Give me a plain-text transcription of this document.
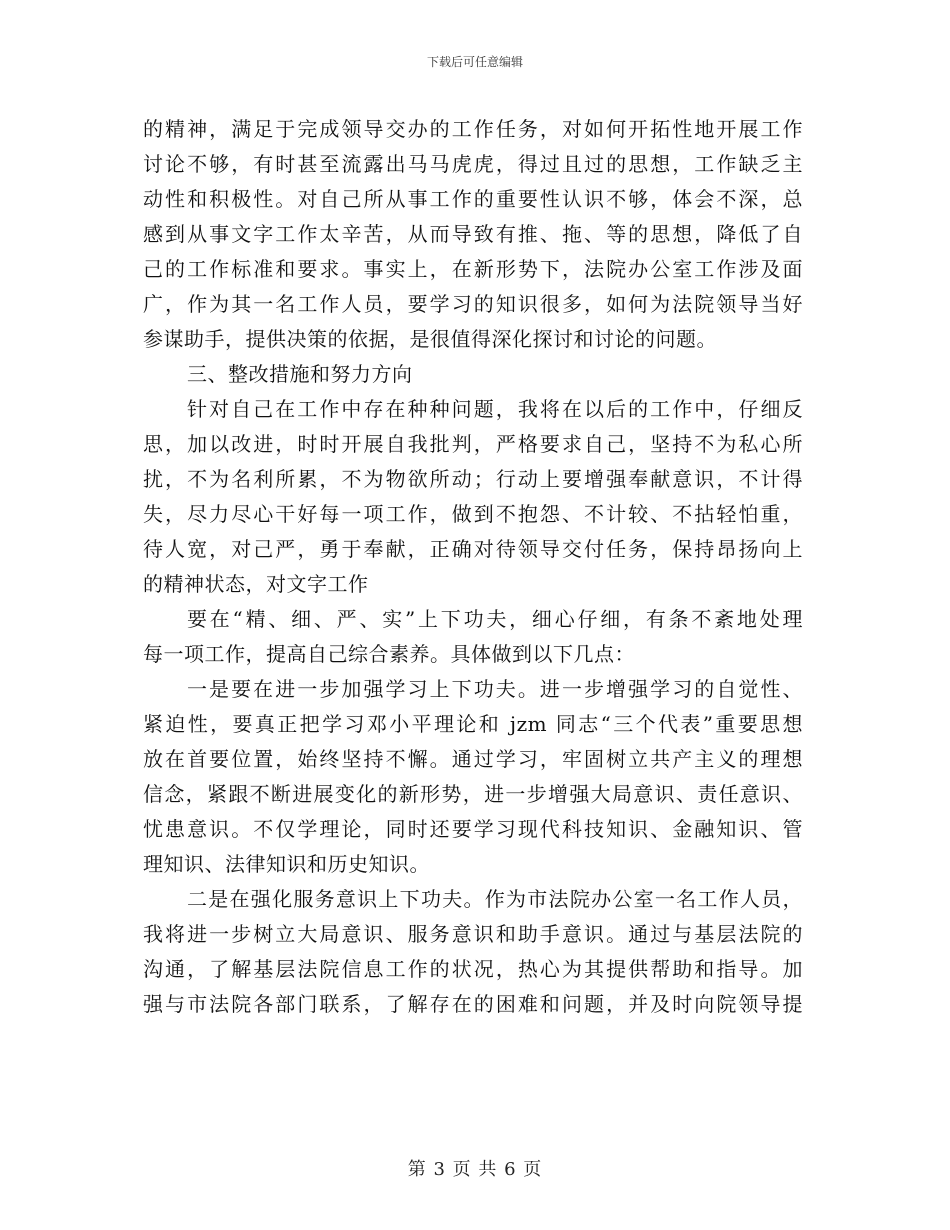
下载后可任意编辑
的精神，满足于完成领导交办的工作任务，对如何开拓性地开展工作
讨论不够，有时甚至流露出马马虎虎，得过且过的思想，工作缺乏主
动性和积极性。对自己所从事工作的重要性认识不够，体会不深，总
感到从事文字工作太辛苦，从而导致有推、拖、等的思想，降低了自
己的工作标准和要求。事实上，在新形势下，法院办公室工作涉及面
广，作为其一名工作人员，要学习的知识很多，如何为法院领导当好
参谋助手，提供决策的依据，是很值得深化探讨和讨论的问题。
三、整改措施和努力方向
针对自己在工作中存在种种问题，我将在以后的工作中，仔细反
思，加以改进，时时开展自我批判，严格要求自己，坚持不为私心所
扰，不为名利所累，不为物欲所动；行动上要增强奉献意识，不计得
失，尽力尽心干好每一项工作，做到不抱怨、不计较、不拈轻怕重，
待人宽，对己严，勇于奉献，正确对待领导交付任务，保持昂扬向上
的精神状态，对文字工作
要在“精、细、严、实”上下功夫，细心仔细，有条不紊地处理
每一项工作，提高自己综合素养。具体做到以下几点：
一是要在进一步加强学习上下功夫。进一步增强学习的自觉性、
紧迫性，要真正把学习邓小平理论和 jzm 同志“三个代表”重要思想
放在首要位置，始终坚持不懈。通过学习，牢固树立共产主义的理想
信念，紧跟不断进展变化的新形势，进一步增强大局意识、责任意识、
忧患意识。不仅学理论，同时还要学习现代科技知识、金融知识、管
理知识、法律知识和历史知识。
二是在强化服务意识上下功夫。作为市法院办公室一名工作人员，
我将进一步树立大局意识、服务意识和助手意识。通过与基层法院的
沟通，了解基层法院信息工作的状况，热心为其提供帮助和指导。加
强与市法院各部门联系，了解存在的困难和问题，并及时向院领导提
第 3 页 共 6 页
